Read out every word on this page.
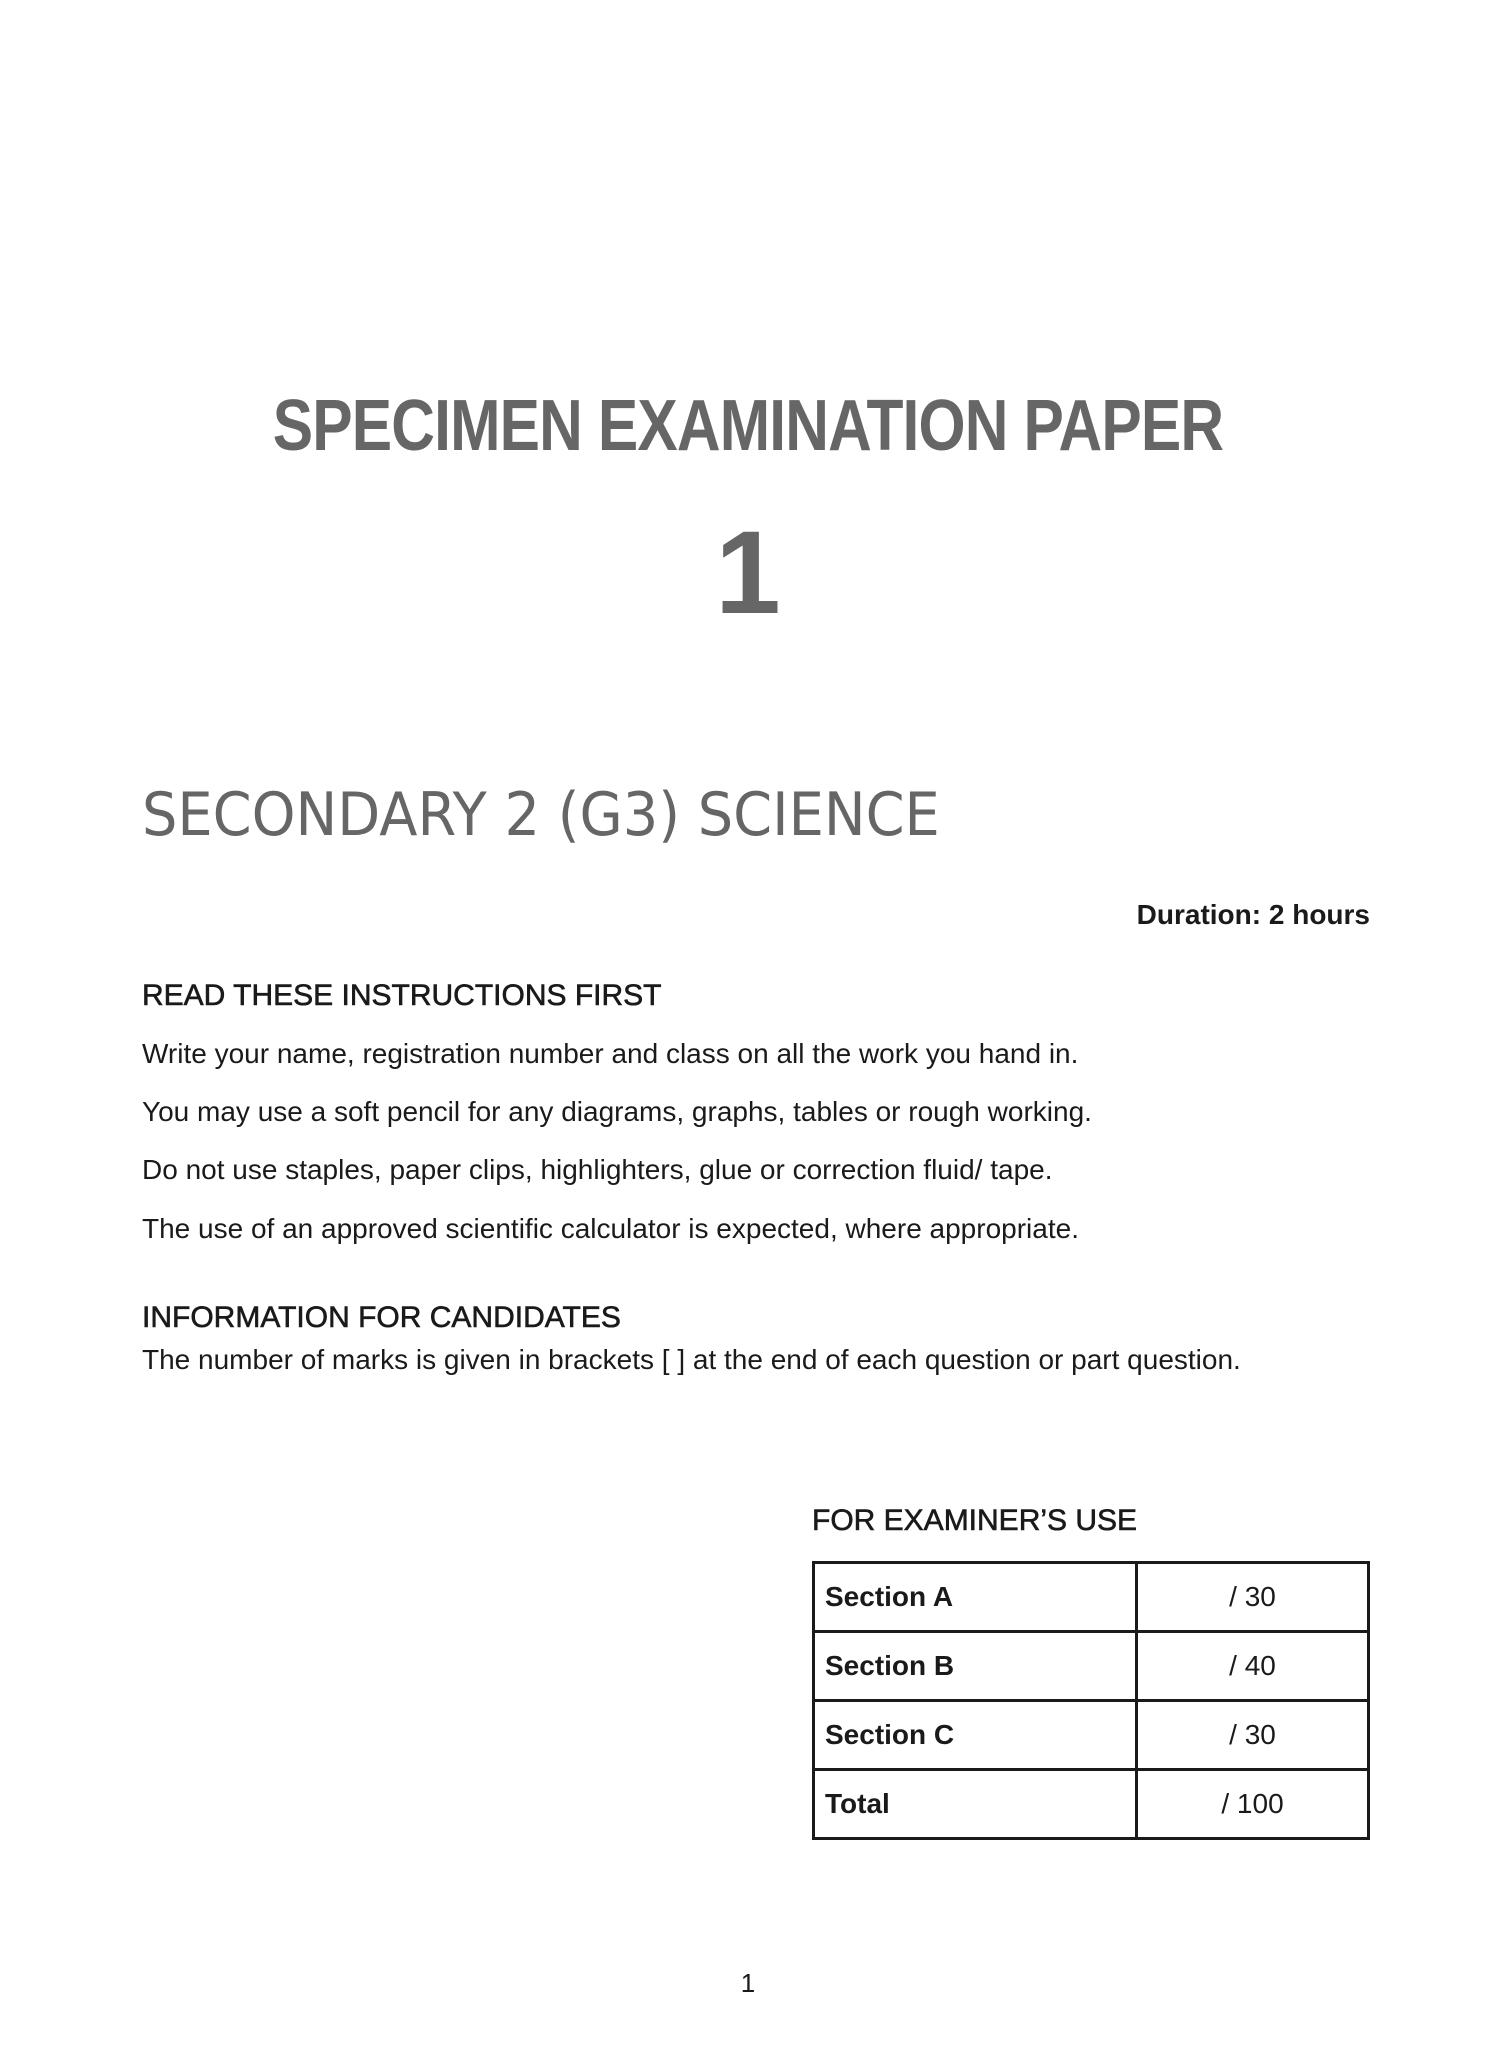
SPECIMEN EXAMINATION PAPER
1
SECONDARY 2 (G3) SCIENCE
Duration: 2 hours
READ THESE INSTRUCTIONS FIRST
Write your name, registration number and class on all the work you hand in.
You may use a soft pencil for any diagrams, graphs, tables or rough working.
Do not use staples, paper clips, highlighters, glue or correction fluid/ tape.
The use of an approved scientific calculator is expected, where appropriate.
INFORMATION FOR CANDIDATES
The number of marks is given in brackets [ ] at the end of each question or part question.
FOR EXAMINER’S USE
Section A	/ 30
Section B	/ 40
Section C	/ 30
Total	/ 100
1
